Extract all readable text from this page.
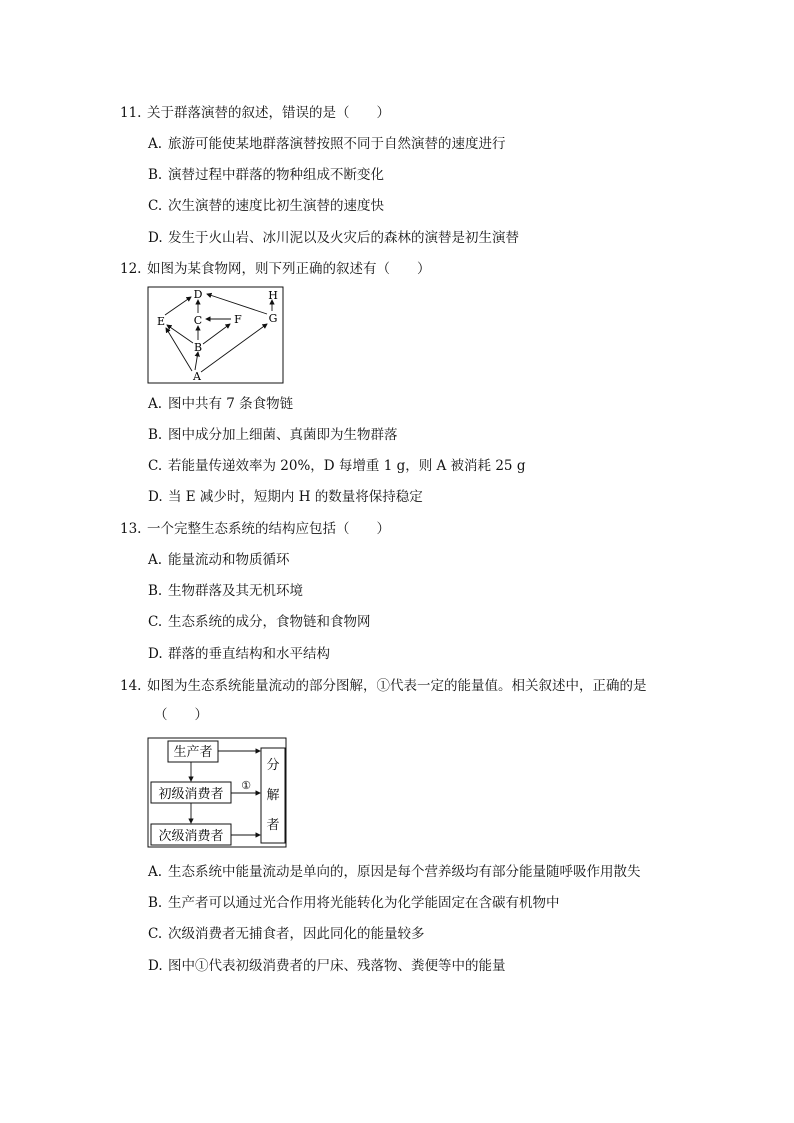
11. 关于群落演替的叙述，错误的是（　　）
A. 旅游可能使某地群落演替按照不同于自然演替的速度进行
B. 演替过程中群落的物种组成不断变化
C. 次生演替的速度比初生演替的速度快
D. 发生于火山岩、冰川泥以及火灾后的森林的演替是初生演替
12. 如图为某食物网，则下列正确的叙述有（　　）
D	H
E	C	F G
B
A
A. 图中共有 7 条食物链
B. 图中成分加上细菌、真菌即为生物群落
C. 若能量传递效率为 20%，D 每增重 1 g，则 A 被消耗 25 g
D. 当 E 减少时，短期内 H 的数量将保持稳定
13. 一个完整生态系统的结构应包括（　　）
A. 能量流动和物质循环
B. 生物群落及其无机环境
C. 生态系统的成分，食物链和食物网
D. 群落的垂直结构和水平结构
14. 如图为生态系统能量流动的部分图解，①代表一定的能量值。相关叙述中，正确的是
（　　）
生产者
初级消费者
次级消费者
分
解
者
①
A. 生态系统中能量流动是单向的，原因是每个营养级均有部分能量随呼吸作用散失
B. 生产者可以通过光合作用将光能转化为化学能固定在含碳有机物中
C. 次级消费者无捕食者，因此同化的能量较多
D. 图中①代表初级消费者的尸床、残落物、粪便等中的能量
